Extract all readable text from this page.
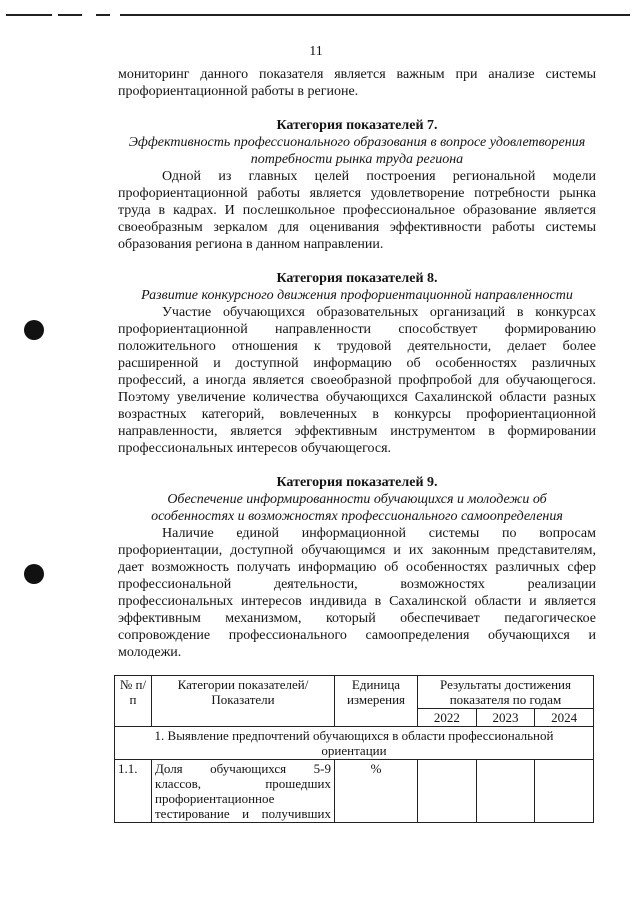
11
мониторинг данного показателя является важным при анализе системы
профориентационной работы в регионе.
Категория показателей 7.
Эффективность профессионального образования в вопросе удовлетворения
потребности рынка труда региона
Одной из главных целей построения региональной модели
профориентационной работы является удовлетворение потребности рынка
труда в кадрах. И послешкольное профессиональное образование является
своеобразным зеркалом для оценивания эффективности работы системы
образования региона в данном направлении.
Категория показателей 8.
Развитие конкурсного движения профориентационной направленности
Участие обучающихся образовательных организаций в конкурсах
профориентационной направленности способствует формированию
положительного отношения к трудовой деятельности, делает более
расширенной и доступной информацию об особенностях различных
профессий, а иногда является своеобразной профпробой для обучающегося.
Поэтому увеличение количества обучающихся Сахалинской области разных
возрастных категорий, вовлеченных в конкурсы профориентационной
направленности, является эффективным инструментом в формировании
профессиональных интересов обучающегося.
Категория показателей 9.
Обеспечение информированности обучающихся и молодежи об
особенностях и возможностях профессионального самоопределения
Наличие единой информационной системы по вопросам
профориентации, доступной обучающимся и их законным представителям,
дает возможность получать информацию об особенностях различных сфер
профессиональной деятельности, возможностях реализации
профессиональных интересов индивида в Сахалинской области и является
эффективным механизмом, который обеспечивает педагогическое
сопровождение профессионального самоопределения обучающихся и
молодежи.
№ п/п	Категории показателей/Показатели	Единица измерения	Результаты достижения показателя по годам		
			2022	2023	2024
1. Выявление предпочтений обучающихся в области профессиональной ориентации					
1.1.	Доля обучающихся 5-9
классов, прошедших
профориентационное
тестирование и получивших	%			
